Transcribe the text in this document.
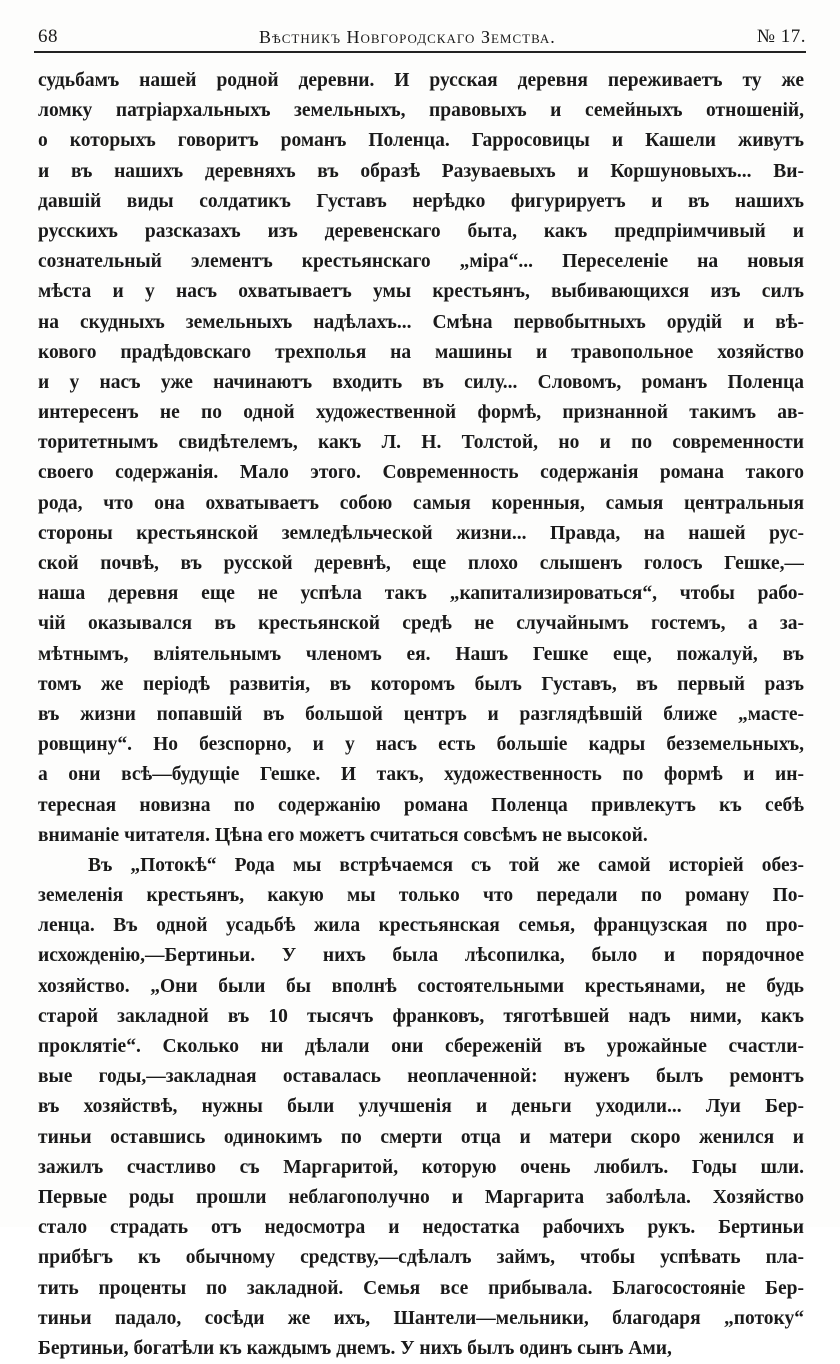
68	Вѣстникъ Новгородскаго Земства.	№ 17.
судьбамъ нашей родной деревни. И русская деревня переживаетъ ту же
ломку патріархальныхъ земельныхъ, правовыхъ и семейныхъ отношеній,
о которыхъ говоритъ романъ Поленца. Гарросовицы и Кашели живутъ
и въ нашихъ деревняхъ въ образѣ Разуваевыхъ и Коршуновыхъ... Ви-
давшій виды солдатикъ Густавъ нерѣдко фигурируетъ и въ нашихъ
русскихъ разсказахъ изъ деревенскаго быта, какъ предпріимчивый и
сознательный элементъ крестьянскаго „міра“... Переселеніе на новыя
мѣста и у насъ охватываетъ умы крестьянъ, выбивающихся изъ силъ
на скудныхъ земельныхъ надѣлахъ... Смѣна первобытныхъ орудій и вѣ-
кового прадѣдовскаго трехполья на машины и травопольное хозяйство
и у насъ уже начинаютъ входить въ силу... Словомъ, романъ Поленца
интересенъ не по одной художественной формѣ, признанной такимъ ав-
торитетнымъ свидѣтелемъ, какъ Л. Н. Толстой, но и по современности
своего содержанія. Мало этого. Современность содержанія романа такого
рода, что она охватываетъ собою самыя коренныя, самыя центральныя
стороны крестьянской земледѣльческой жизни... Правда, на нашей рус-
ской почвѣ, въ русской деревнѣ, еще плохо слышенъ голосъ Гешке,—
наша деревня еще не успѣла такъ „капитализироваться“, чтобы рабо-
чій оказывался въ крестьянской средѣ не случайнымъ гостемъ, а за-
мѣтнымъ, вліятельнымъ членомъ ея. Нашъ Гешке еще, пожалуй, въ
томъ же періодѣ развитія, въ которомъ былъ Густавъ, въ первый разъ
въ жизни попавшій въ большой центръ и разглядѣвшій ближе „масте-
ровщину“. Но безспорно, и у насъ есть большіе кадры безземельныхъ,
а они всѣ—будущіе Гешке. И такъ, художественность по формѣ и ин-
тересная новизна по содержанію романа Поленца привлекутъ къ себѣ
вниманіе читателя. Цѣна его можетъ считаться совсѣмъ не высокой.
Въ „Потокѣ“ Рода мы встрѣчаемся съ той же самой исторіей обез-
земеленія крестьянъ, какую мы только что передали по роману По-
ленца. Въ одной усадьбѣ жила крестьянская семья, французская по про-
исхожденію,—Бертиньи. У нихъ была лѣсопилка, было и порядочное
хозяйство. „Они были бы вполнѣ состоятельными крестьянами, не будь
старой закладной въ 10 тысячъ франковъ, тяготѣвшей надъ ними, какъ
проклятіе“. Сколько ни дѣлали они сбереженій въ урожайные счастли-
вые годы,—закладная оставалась неоплаченной: нуженъ былъ ремонтъ
въ хозяйствѣ, нужны были улучшенія и деньги уходили... Луи Бер-
тиньи оставшись одинокимъ по смерти отца и матери скоро женился и
зажилъ счастливо съ Маргаритой, которую очень любилъ. Годы шли.
Первые роды прошли неблагополучно и Маргарита заболѣла. Хозяйство
стало страдать отъ недосмотра и недостатка рабочихъ рукъ. Бертиньи
прибѣгъ къ обычному средству,—сдѣлалъ займъ, чтобы успѣвать пла-
тить проценты по закладной. Семья все прибывала. Благосостояніе Бер-
тиньи падало, сосѣди же ихъ, Шантели—мельники, благодаря „потоку“
Бертиньи, богатѣли къ каждымъ днемъ. У нихъ былъ одинъ сынъ Ами,
